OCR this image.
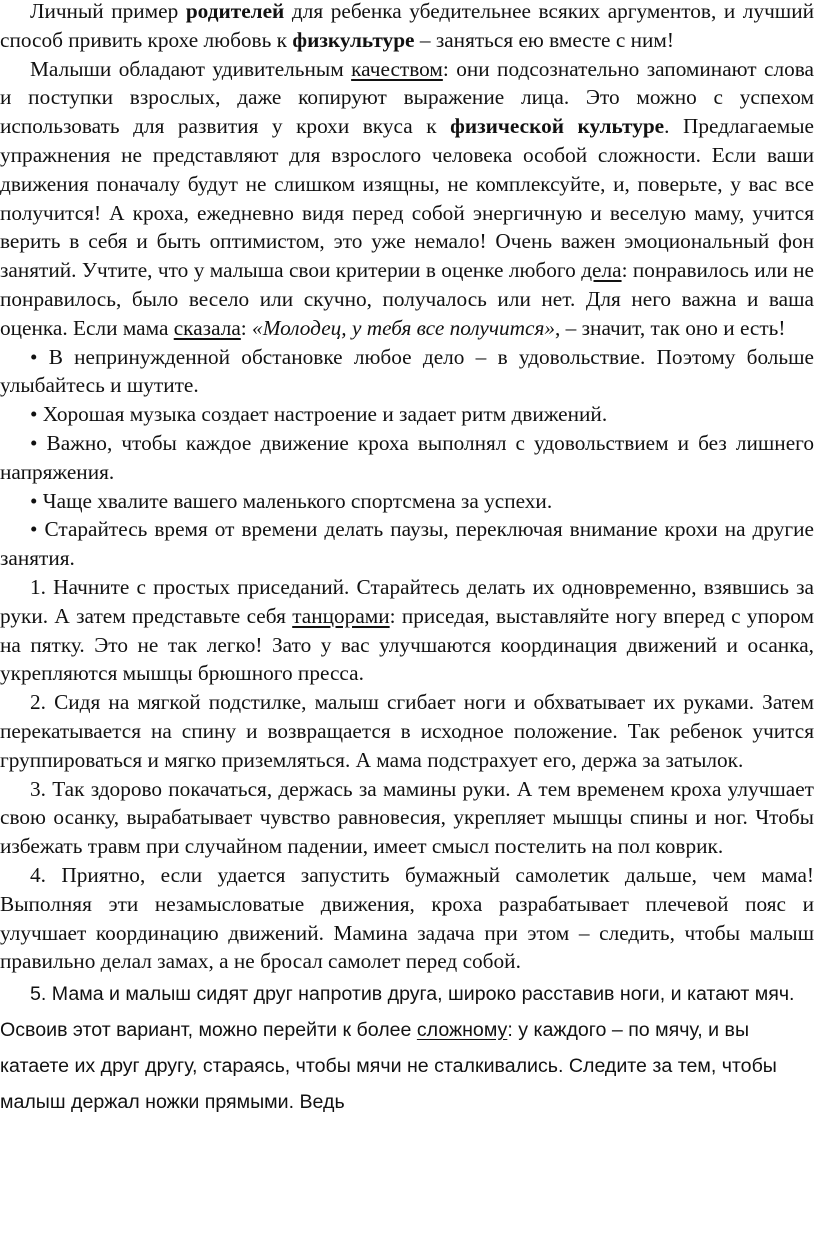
Личный пример родителей для ребенка убедительнее всяких аргументов, и лучший способ привить крохе любовь к физкультуре – заняться ею вместе с ним!

Малыши обладают удивительным качеством: они подсознательно запоминают слова и поступки взрослых, даже копируют выражение лица. Это можно с успехом использовать для развития у крохи вкуса к физической культуре. Предлагаемые упражнения не представляют для взрослого человека особой сложности. Если ваши движения поначалу будут не слишком изящны, не комплексуйте, и, поверьте, у вас все получится! А кроха, ежедневно видя перед собой энергичную и веселую маму, учится верить в себя и быть оптимистом, это уже немало! Очень важен эмоциональный фон занятий. Учтите, что у малыша свои критерии в оценке любого дела: понравилось или не понравилось, было весело или скучно, получалось или нет. Для него важна и ваша оценка. Если мама сказала: «Молодец, у тебя все получится», – значит, так оно и есть!

• В непринужденной обстановке любое дело – в удовольствие. Поэтому больше улыбайтесь и шутите.

• Хорошая музыка создает настроение и задает ритм движений.

• Важно, чтобы каждое движение кроха выполнял с удовольствием и без лишнего напряжения.

• Чаще хвалите вашего маленького спортсмена за успехи.

• Старайтесь время от времени делать паузы, переключая внимание крохи на другие занятия.

1. Начните с простых приседаний. Старайтесь делать их одновременно, взявшись за руки. А затем представьте себя танцорами: приседая, выставляйте ногу вперед с упором на пятку. Это не так легко! Зато у вас улучшаются координация движений и осанка, укрепляются мышцы брюшного пресса.

2. Сидя на мягкой подстилке, малыш сгибает ноги и обхватывает их руками. Затем перекатывается на спину и возвращается в исходное положение. Так ребенок учится группироваться и мягко приземляться. А мама подстрахует его, держа за затылок.

3. Так здорово покачаться, держась за мамины руки. А тем временем кроха улучшает свою осанку, вырабатывает чувство равновесия, укрепляет мышцы спины и ног. Чтобы избежать травм при случайном падении, имеет смысл постелить на пол коврик.

4. Приятно, если удается запустить бумажный самолетик дальше, чем мама! Выполняя эти незамысловатые движения, кроха разрабатывает плечевой пояс и улучшает координацию движений. Мамина задача при этом – следить, чтобы малыш правильно делал замах, а не бросал самолет перед собой.

5. Мама и малыш сидят друг напротив друга, широко расставив ноги, и катают мяч. Освоив этот вариант, можно перейти к более сложному: у каждого – по мячу, и вы катаете их друг другу, стараясь, чтобы мячи не сталкивались. Следите за тем, чтобы малыш держал ножки прямыми. Ведь
